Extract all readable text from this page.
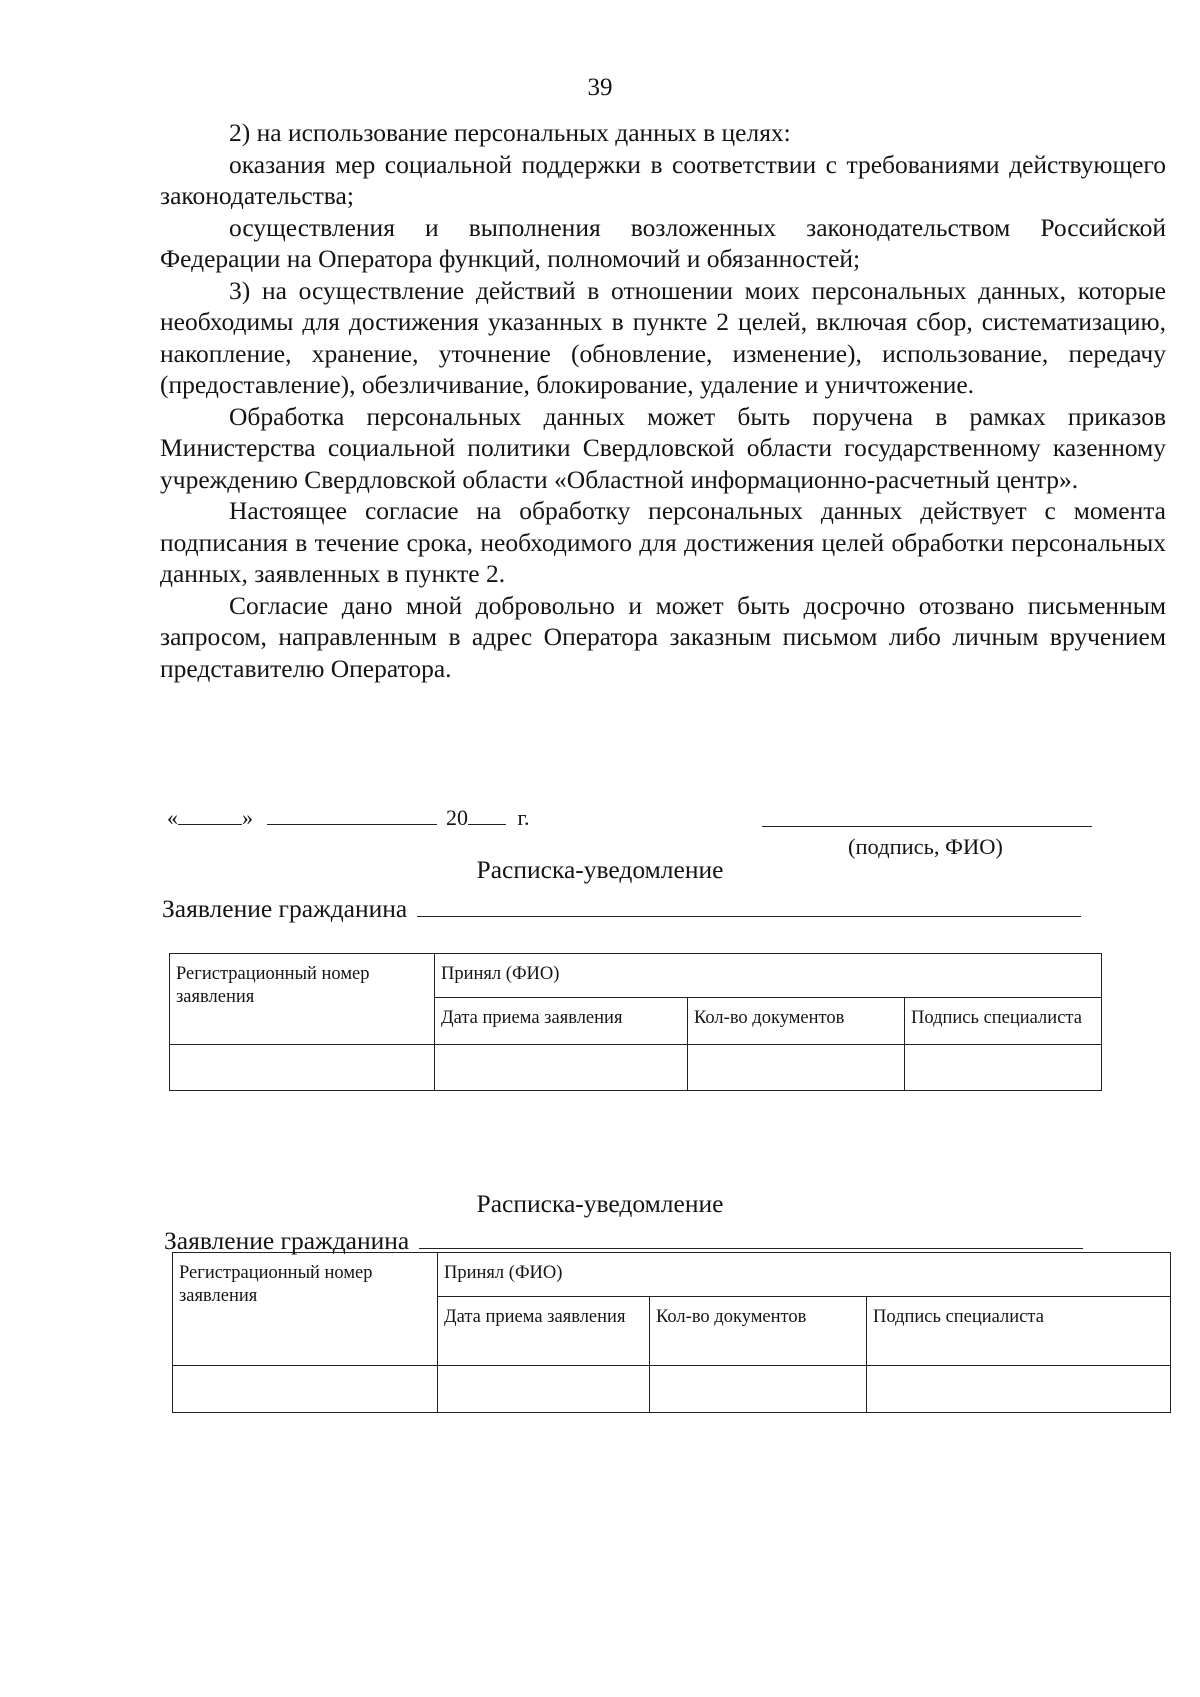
39

2) на использование персональных данных в целях:

оказания мер социальной поддержки в соответствии с требованиями действующего законодательства;

осуществления и выполнения возложенных законодательством Российской Федерации на Оператора функций, полномочий и обязанностей;

3) на осуществление действий в отношении моих персональных данных, которые необходимы для достижения указанных в пункте 2 целей, включая сбор, систематизацию, накопление, хранение, уточнение (обновление, изменение), использование, передачу (предоставление), обезличивание, блокирование, удаление и уничтожение.

Обработка персональных данных может быть поручена в рамках приказов Министерства социальной политики Свердловской области государственному казенному учреждению Свердловской области «Областной информационно-расчетный центр».

Настоящее согласие на обработку персональных данных действует с момента подписания в течение срока, необходимого для достижения целей обработки персональных данных, заявленных в пункте 2.

Согласие дано мной добровольно и может быть досрочно отозвано письменным запросом, направленным в адрес Оператора заказным письмом либо личным вручением представителю Оператора.

«	»	20 г.
(подпись, ФИО)
Расписка-уведомление
Заявление гражданина
Регистрационный номер заявления	Принял (ФИО)		
	Дата приема заявления	Кол-во документов	Подпись специалиста

Расписка-уведомление
Заявление гражданина
Регистрационный номер заявления	Принял (ФИО)		
	Дата приема заявления	Кол-во документов	Подпись специалиста
